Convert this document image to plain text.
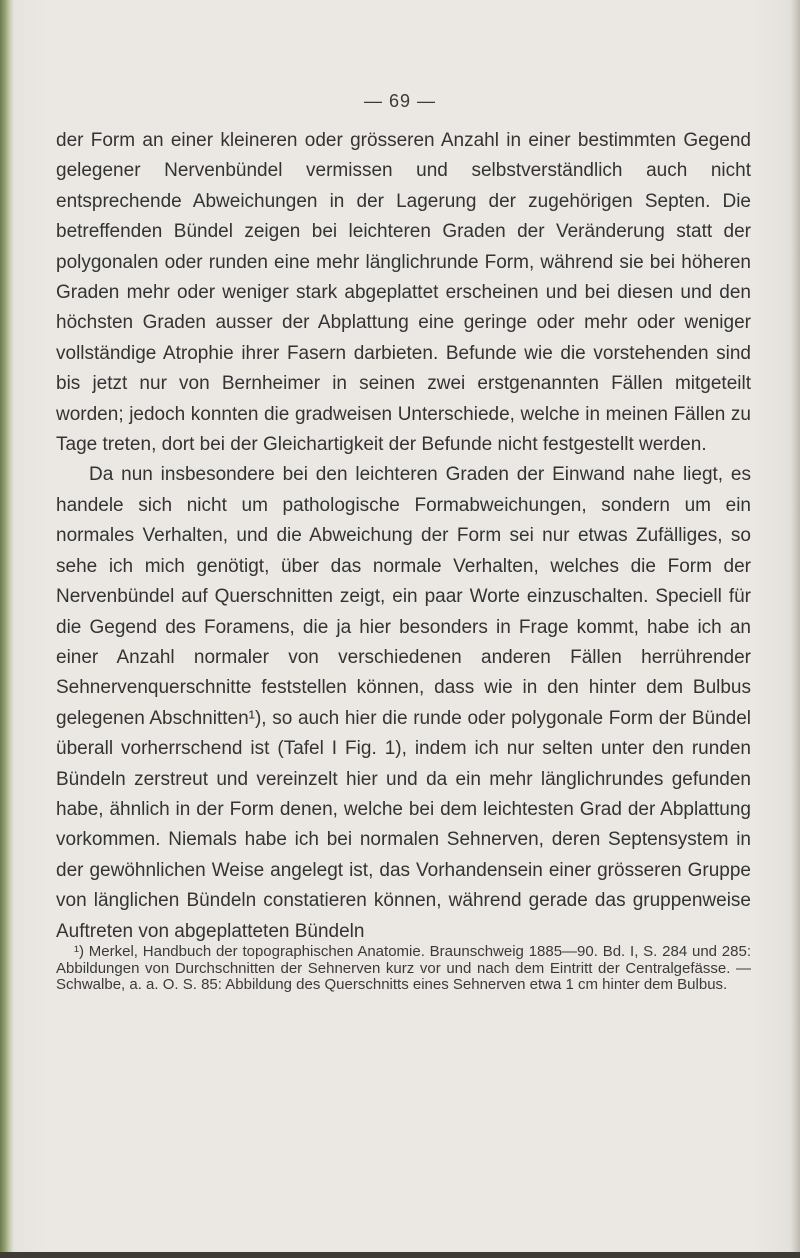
— 69 —

der Form an einer kleineren oder grösseren Anzahl in einer bestimmten Gegend gelegener Nervenbündel vermissen und selbstverständlich auch nicht entsprechende Abweichungen in der Lagerung der zugehörigen Septen. Die betreffenden Bündel zeigen bei leichteren Graden der Veränderung statt der polygonalen oder runden eine mehr länglichrunde Form, während sie bei höheren Graden mehr oder weniger stark abgeplattet erscheinen und bei diesen und den höchsten Graden ausser der Abplattung eine geringe oder mehr oder weniger vollständige Atrophie ihrer Fasern darbieten. Befunde wie die vorstehenden sind bis jetzt nur von Bernheimer in seinen zwei erstgenannten Fällen mitgeteilt worden; jedoch konnten die gradweisen Unterschiede, welche in meinen Fällen zu Tage treten, dort bei der Gleichartigkeit der Befunde nicht festgestellt werden.

Da nun insbesondere bei den leichteren Graden der Einwand nahe liegt, es handele sich nicht um pathologische Formabweichungen, sondern um ein normales Verhalten, und die Abweichung der Form sei nur etwas Zufälliges, so sehe ich mich genötigt, über das normale Verhalten, welches die Form der Nervenbündel auf Querschnitten zeigt, ein paar Worte einzuschalten. Speciell für die Gegend des Foramens, die ja hier besonders in Frage kommt, habe ich an einer Anzahl normaler von verschiedenen anderen Fällen herrührender Sehnervenquerschnitte feststellen können, dass wie in den hinter dem Bulbus gelegenen Abschnitten¹), so auch hier die runde oder polygonale Form der Bündel überall vorherrschend ist (Tafel I Fig. 1), indem ich nur selten unter den runden Bündeln zerstreut und vereinzelt hier und da ein mehr länglichrundes gefunden habe, ähnlich in der Form denen, welche bei dem leichtesten Grad der Abplattung vorkommen. Niemals habe ich bei normalen Sehnerven, deren Septensystem in der gewöhnlichen Weise angelegt ist, das Vorhandensein einer grösseren Gruppe von länglichen Bündeln constatieren können, während gerade das gruppenweise Auftreten von abgeplatteten Bündeln

¹) Merkel, Handbuch der topographischen Anatomie. Braunschweig 1885—90. Bd. I, S. 284 und 285: Abbildungen von Durchschnitten der Sehnerven kurz vor und nach dem Eintritt der Centralgefässe. — Schwalbe, a. a. O. S. 85: Abbildung des Querschnitts eines Sehnerven etwa 1 cm hinter dem Bulbus.
